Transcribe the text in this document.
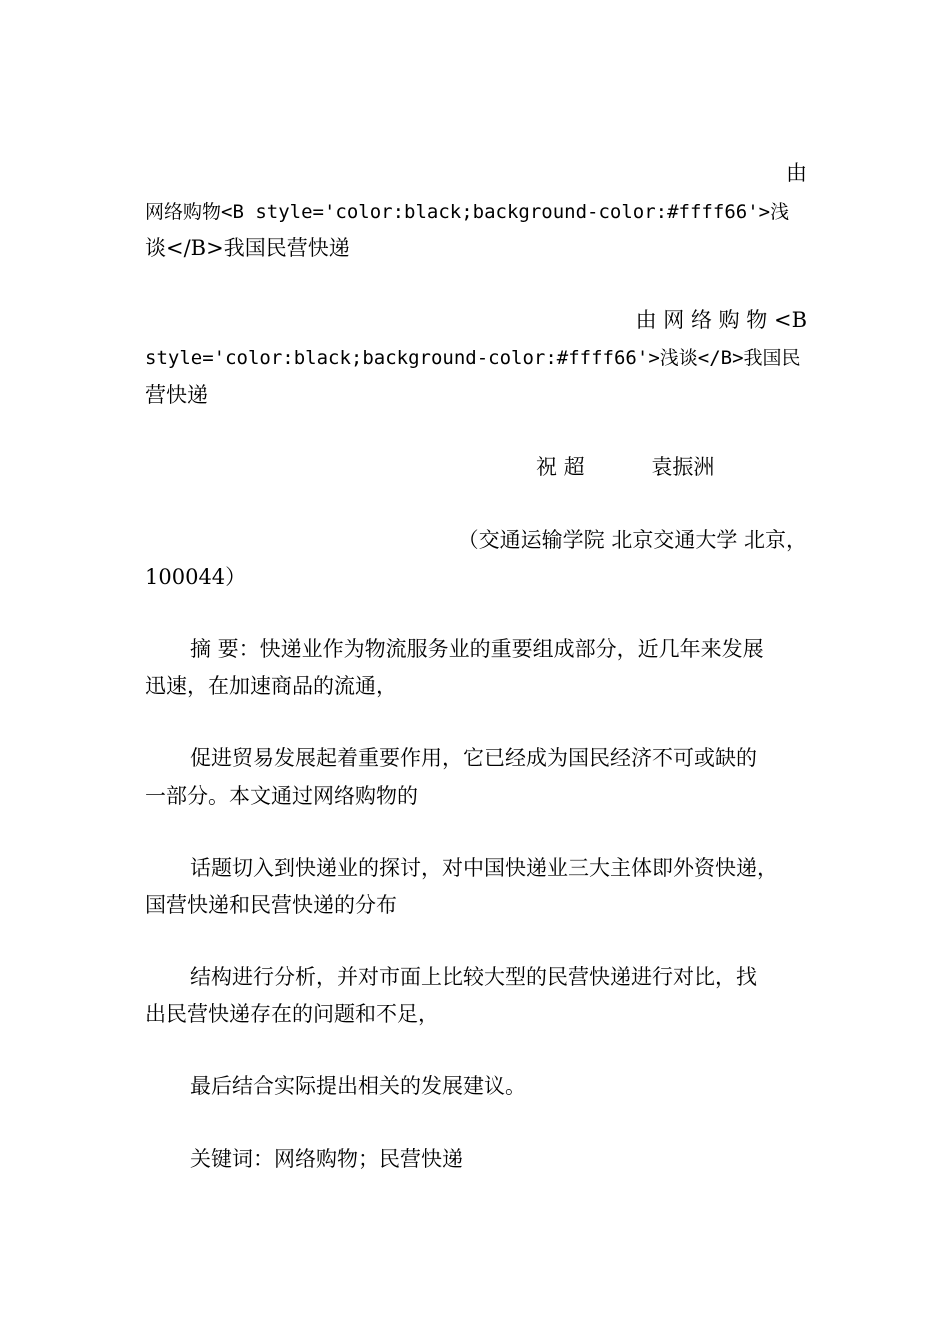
由
网络购物<B style='color:black;background-color:#ffff66'>浅
谈</B>我国民营快递
由 网 络 购 物 <B
style='color:black;background-color:#ffff66'>浅谈</B>我国民
营快递
祝 超          袁振洲
（交通运输学院 北京交通大学 北京，
100044）
摘 要：快递业作为物流服务业的重要组成部分，近几年来发展
迅速，在加速商品的流通，
促进贸易发展起着重要作用，它已经成为国民经济不可或缺的
一部分。本文通过网络购物的
话题切入到快递业的探讨，对中国快递业三大主体即外资快递，
国营快递和民营快递的分布
结构进行分析，并对市面上比较大型的民营快递进行对比，找
出民营快递存在的问题和不足，
最后结合实际提出相关的发展建议。
关键词：网络购物；民营快递
